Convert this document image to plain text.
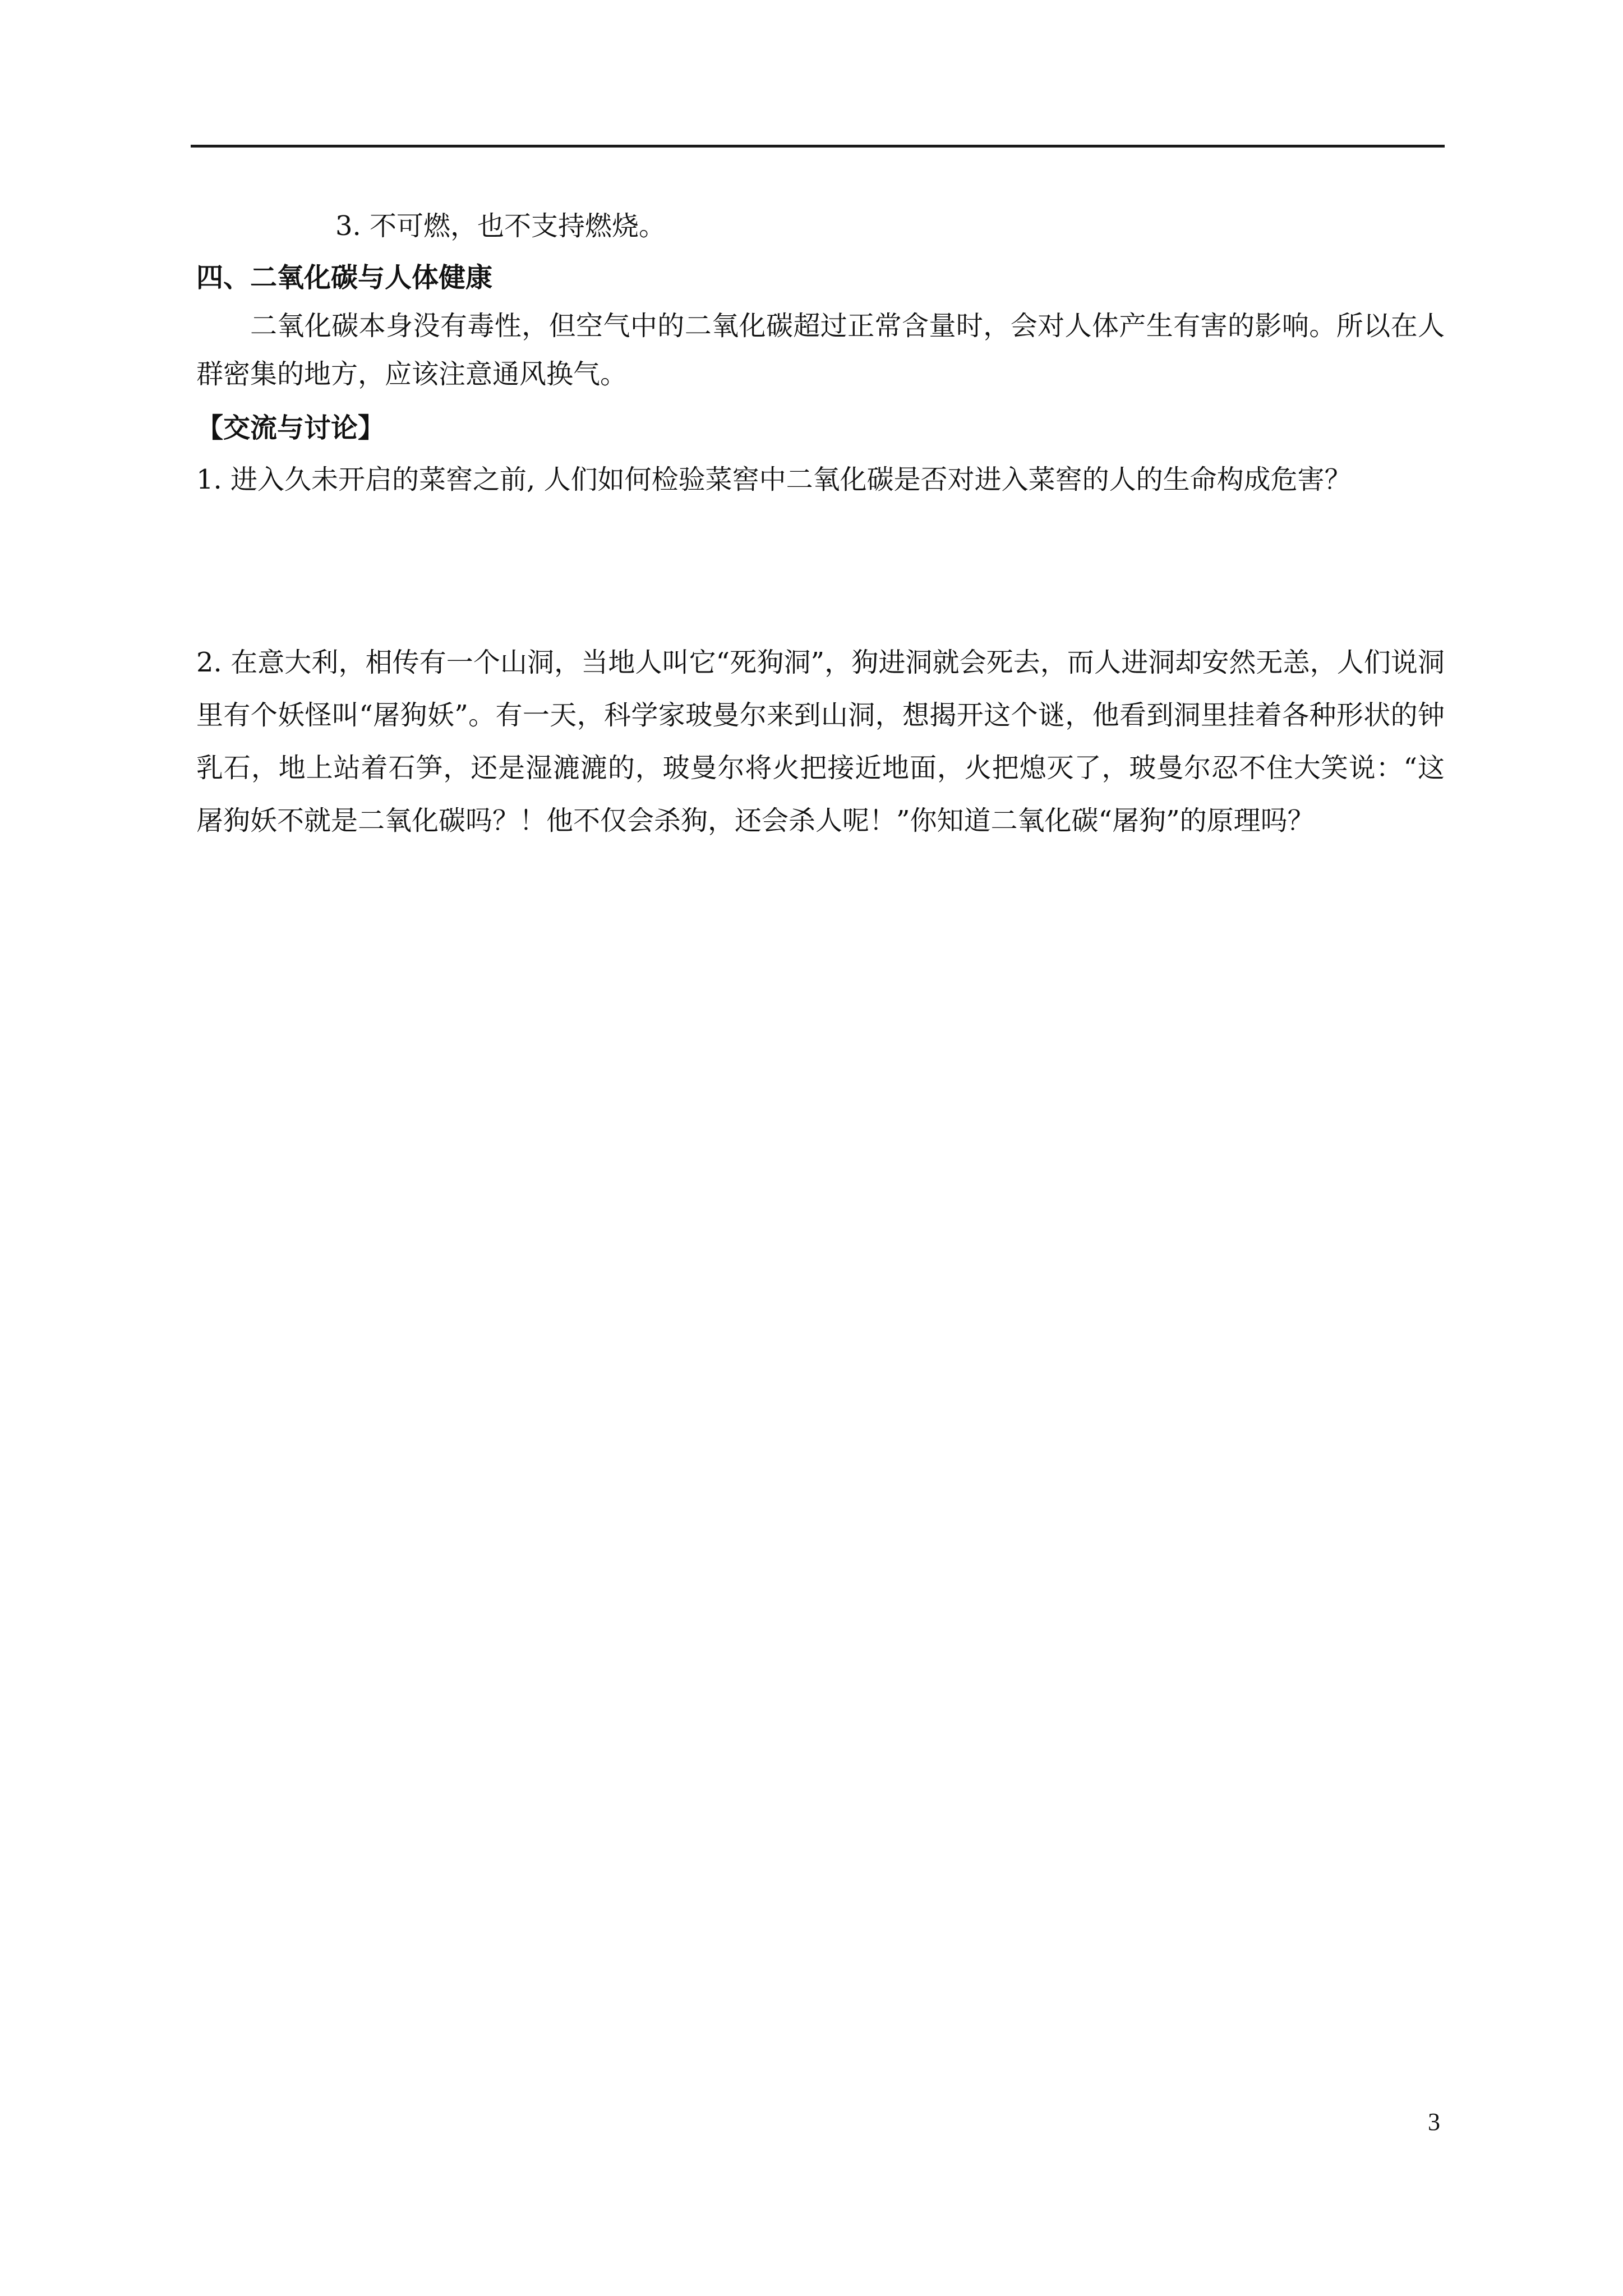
3. 不可燃，也不支持燃烧。
四、二氧化碳与人体健康
二氧化碳本身没有毒性，但空气中的二氧化碳超过正常含量时，会对人体产生有害的影响。所以在人群密集的地方，应该注意通风换气。
【交流与讨论】
1. 进入久未开启的菜窖之前, 人们如何检验菜窖中二氧化碳是否对进入菜窖的人的生命构成危害？
2. 在意大利，相传有一个山洞，当地人叫它“死狗洞”，狗进洞就会死去，而人进洞却安然无恙，人们说洞里有个妖怪叫“屠狗妖”。有一天，科学家玻曼尔来到山洞，想揭开这个谜，他看到洞里挂着各种形状的钟乳石，地上站着石笋，还是湿漉漉的，玻曼尔将火把接近地面，火把熄灭了，玻曼尔忍不住大笑说：“这屠狗妖不就是二氧化碳吗？！他不仅会杀狗，还会杀人呢！”你知道二氧化碳“屠狗”的原理吗？
3
